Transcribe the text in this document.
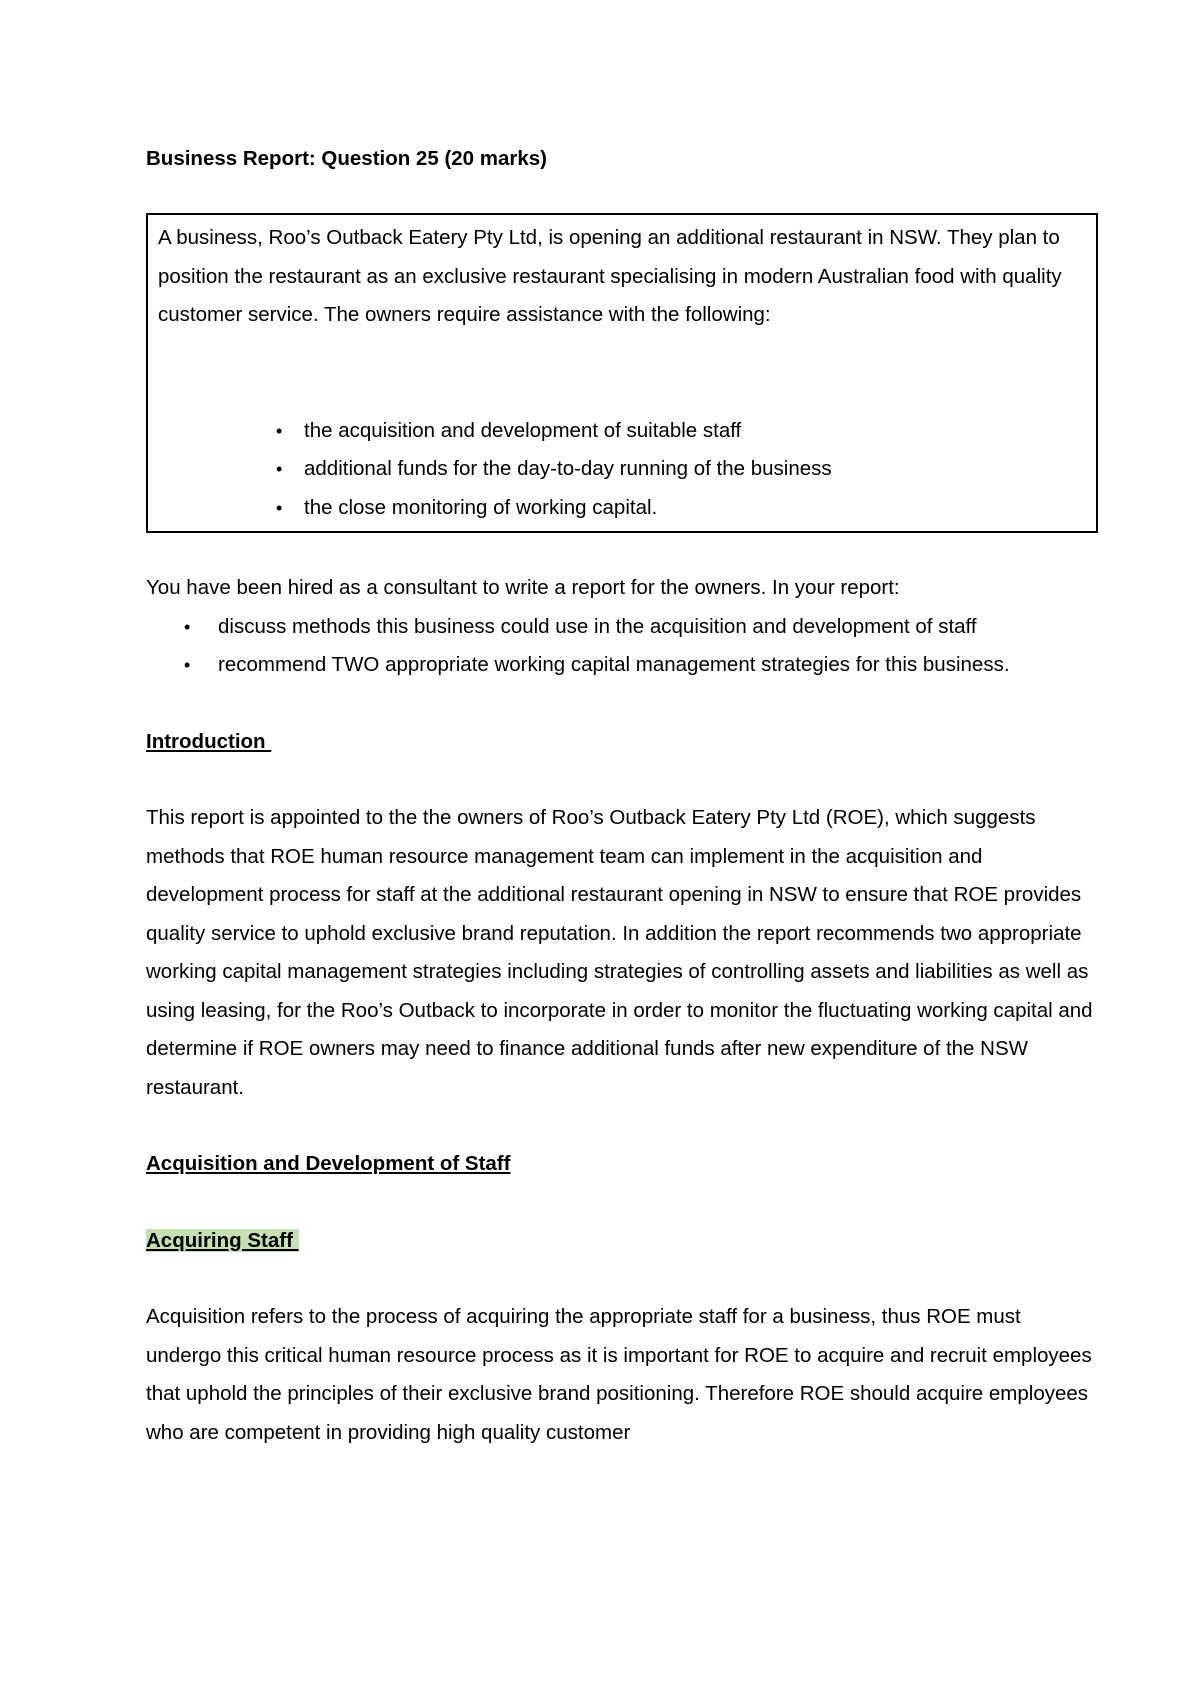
Business Report: Question 25 (20 marks)

A business, Roo’s Outback Eatery Pty Ltd, is opening an additional restaurant in NSW. They plan to position the restaurant as an exclusive restaurant specialising in modern Australian food with quality customer service. The owners require assistance with the following:

• the acquisition and development of suitable staff
• additional funds for the day-to-day running of the business
• the close monitoring of working capital.

You have been hired as a consultant to write a report for the owners. In your report:

• discuss methods this business could use in the acquisition and development of staff
• recommend TWO appropriate working capital management strategies for this business.
Introduction

This report is appointed to the the owners of Roo’s Outback Eatery Pty Ltd (ROE), which suggests methods that ROE human resource management team can implement in the acquisition and development process for staff at the additional restaurant opening in NSW to ensure that ROE provides quality service to uphold exclusive brand reputation. In addition the report recommends two appropriate working capital management strategies including strategies of controlling assets and liabilities as well as using leasing, for the Roo’s Outback to incorporate in order to monitor the fluctuating working capital and determine if ROE owners may need to finance additional funds after new expenditure of the NSW restaurant.

Acquisition and Development of Staff
Acquiring Staff

Acquisition refers to the process of acquiring the appropriate staff for a business, thus ROE must undergo this critical human resource process as it is important for ROE to acquire and recruit employees that uphold the principles of their exclusive brand positioning. Therefore ROE should acquire employees who are competent in providing high quality customer
